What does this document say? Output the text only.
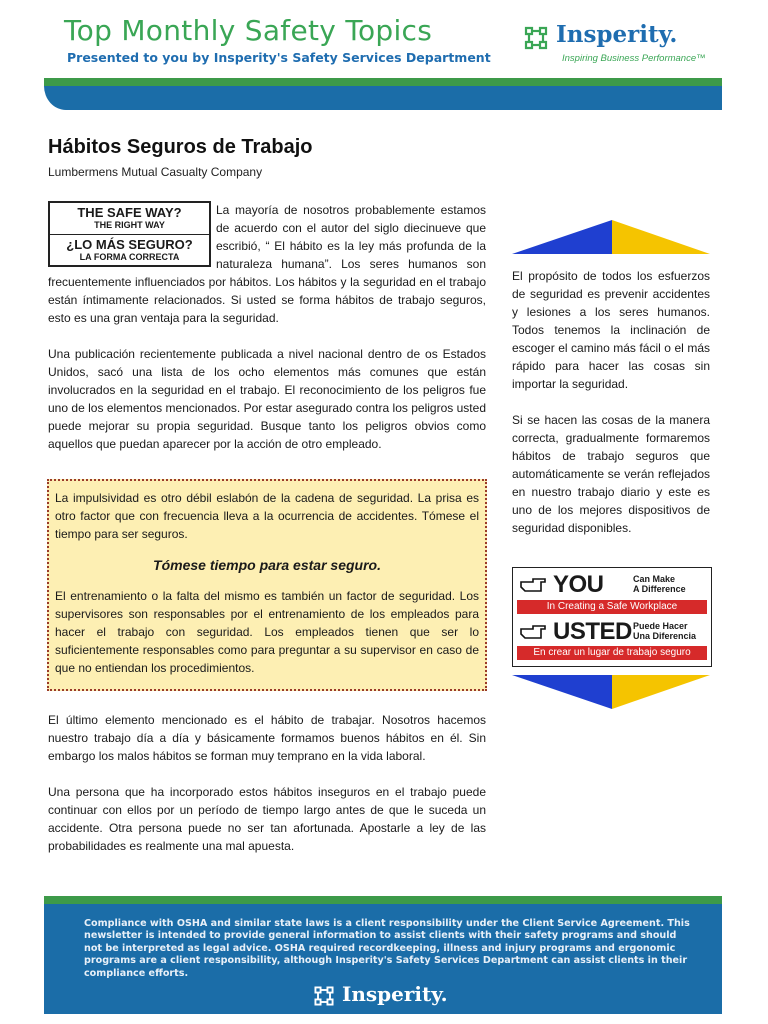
Top Monthly Safety Topics
Presented to you by Insperity's Safety Services Department
Insperity.
Inspiring Business Performance™
Hábitos Seguros de Trabajo
Lumbermens Mutual Casualty Company
THE SAFE WAY?
THE RIGHT WAY
¿LO MÁS SEGURO?
LA FORMA CORRECTA
La mayoría de nosotros probablemente estamos de acuerdo con el autor del siglo diecinueve que escribió, “ El hábito es la ley más profunda de la naturaleza humana”. Los seres humanos son frecuentemente influenciados por hábitos. Los hábitos y la seguridad en el trabajo están íntimamente relacionados. Si usted se forma hábitos de trabajo seguros, esto es una gran ventaja para la seguridad.
Una publicación recientemente publicada a nivel nacional dentro de os Estados Unidos, sacó una lista de los ocho elementos más comunes que están involucrados en la seguridad en el trabajo. El reconocimiento de los peligros fue uno de los elementos mencionados. Por estar asegurado contra los peligros usted puede mejorar su propia seguridad. Busque tanto los peligros obvios como aquellos que puedan aparecer por la acción de otro empleado.
La impulsividad es otro débil eslabón de la cadena de seguridad. La prisa es otro factor que con frecuencia lleva a la ocurrencia de accidentes. Tómese el tiempo para ser seguros.
Tómese tiempo para estar seguro.
El entrenamiento o la falta del mismo es también un factor de seguridad. Los supervisores son responsables por el entrenamiento de los empleados para hacer el trabajo con seguridad. Los empleados tienen que ser lo suficientemente responsables como para preguntar a su supervisor en caso de que no entiendan los procedimientos.
El último elemento mencionado es el hábito de trabajar. Nosotros hacemos nuestro trabajo día a día y básicamente formamos buenos hábitos en él. Sin embargo los malos hábitos se forman muy temprano en la vida laboral.
Una persona que ha incorporado estos hábitos inseguros en el trabajo puede continuar con ellos por un período de tiempo largo antes de que le suceda un accidente. Otra persona puede no ser tan afortunada. Apostarle a ley de las probabilidades es realmente una mal apuesta.
El propósito de todos los esfuerzos de seguridad es prevenir accidentes y lesiones a los seres humanos. Todos tenemos la inclinación de escoger el camino más fácil o el más rápido para hacer las cosas sin importar la seguridad.
Si se hacen las cosas de la manera correcta, gradualmente formaremos hábitos de trabajo seguros que automáticamente se verán reflejados en nuestro trabajo diario y este es uno de los mejores dispositivos de seguridad disponibles.
YOU	Can Make
A Difference
In Creating a Safe Workplace
USTED Puede Hacer
Una Diferencia
En crear un lugar de trabajo seguro
Compliance with OSHA and similar state laws is a client responsibility under the Client Service Agreement. This newsletter is intended to provide general information to assist clients with their safety programs and should not be interpreted as legal advice. OSHA required recordkeeping, illness and injury programs and ergonomic programs are a client responsibility, although Insperity's Safety Services Department can assist clients in their compliance efforts.
Insperity.
